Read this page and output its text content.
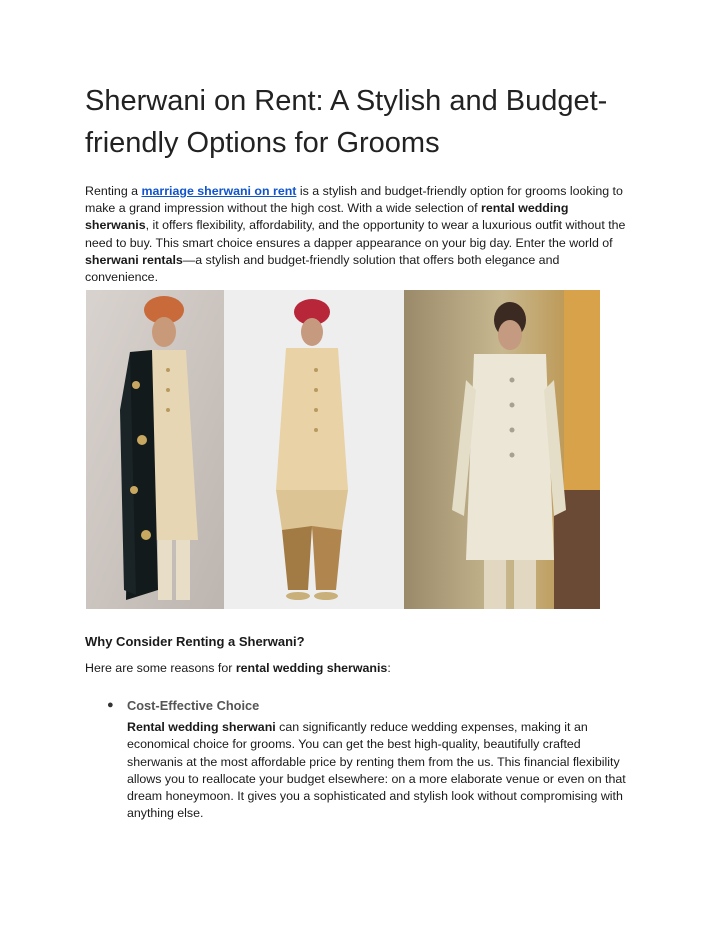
Sherwani on Rent: A Stylish and Budget-friendly Options for Grooms

Renting a marriage sherwani on rent is a stylish and budget-friendly option for grooms looking to make a grand impression without the high cost. With a wide selection of rental wedding sherwanis, it offers flexibility, affordability, and the opportunity to wear a luxurious outfit without the need to buy. This smart choice ensures a dapper appearance on your big day. Enter the world of sherwani rentals—a stylish and budget-friendly solution that offers both elegance and convenience.

Why Consider Renting a Sherwani?

Here are some reasons for rental wedding sherwanis:

● Cost-Effective Choice

Rental wedding sherwani can significantly reduce wedding expenses, making it an economical choice for grooms. You can get the best high-quality, beautifully crafted sherwanis at the most affordable price by renting them from the us. This financial flexibility allows you to reallocate your budget elsewhere: on a more elaborate venue or even on that dream honeymoon. It gives you a sophisticated and stylish look without compromising with anything else.
